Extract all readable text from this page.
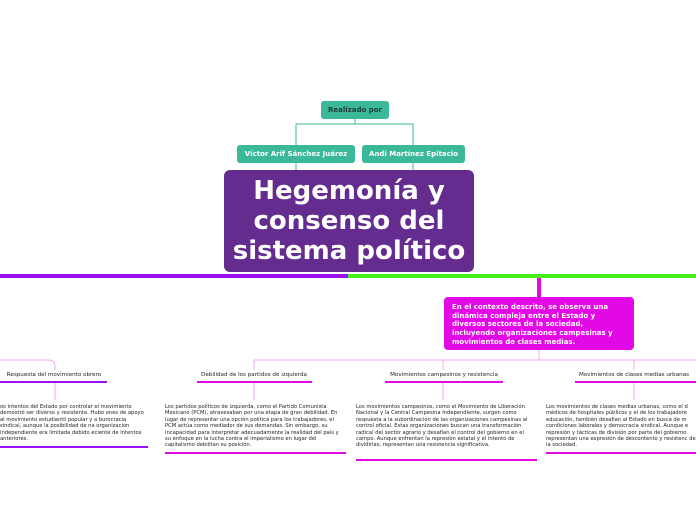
Realizado por
Víctor Arif Sánchez Juárez	Andi Martínez Epitacio
Hegemonía y consenso del sistema político
En el contexto descrito, se observa una dinámica compleja entre el Estado y diversos sectores de la sociedad, incluyendo organizaciones campesinas y movimientos de clases medias.
Respuesta del movimiento obrero	Debilidad de los partidos de izquierda	Movimientos campesinos y resistencia	Movimientos de clases medias urbanas
os intentos del Estado por controlar el movimiento demostró ser diverso y resistente. Hubo ones de apoyo al movimiento estudiantil popular y a burocracia sindical, aunque la posibilidad de na organización independiente era limitada debido eciente de intentos anteriores.
Los partidos políticos de izquierda, como el Partido Comunista Mexicano (PCM), atravesaban por una etapa de gran debilidad. En lugar de representar una opción política para los trabajadores, el PCM actúa como mediador de sus demandas. Sin embargo, su incapacidad para interpretar adecuadamente la realidad del país y su enfoque en la lucha contra el imperialismo en lugar del capitalismo debilitan su posición.
Los movimientos campesinos, como el Movimiento de Liberación Nacional y la Central Campesina Independiente, surgen como respuesta a la subordinación de las organizaciones campesinas al control oficial. Estas organizaciones buscan una transformación radical del sector agrario y desafían el control del gobierno en el campo. Aunque enfrentan la represión estatal y el intento de dividirlas, representan una resistencia significativa.
Los movimientos de clases medias urbanas, como el d médicos de hospitales públicos y el de los trabajadore educación, también desafían al Estado en busca de m condiciones laborales y democracia sindical. Aunque e represión y tácticas de división por parte del gobierno representan una expresión de descontento y resistenc de la sociedad.
